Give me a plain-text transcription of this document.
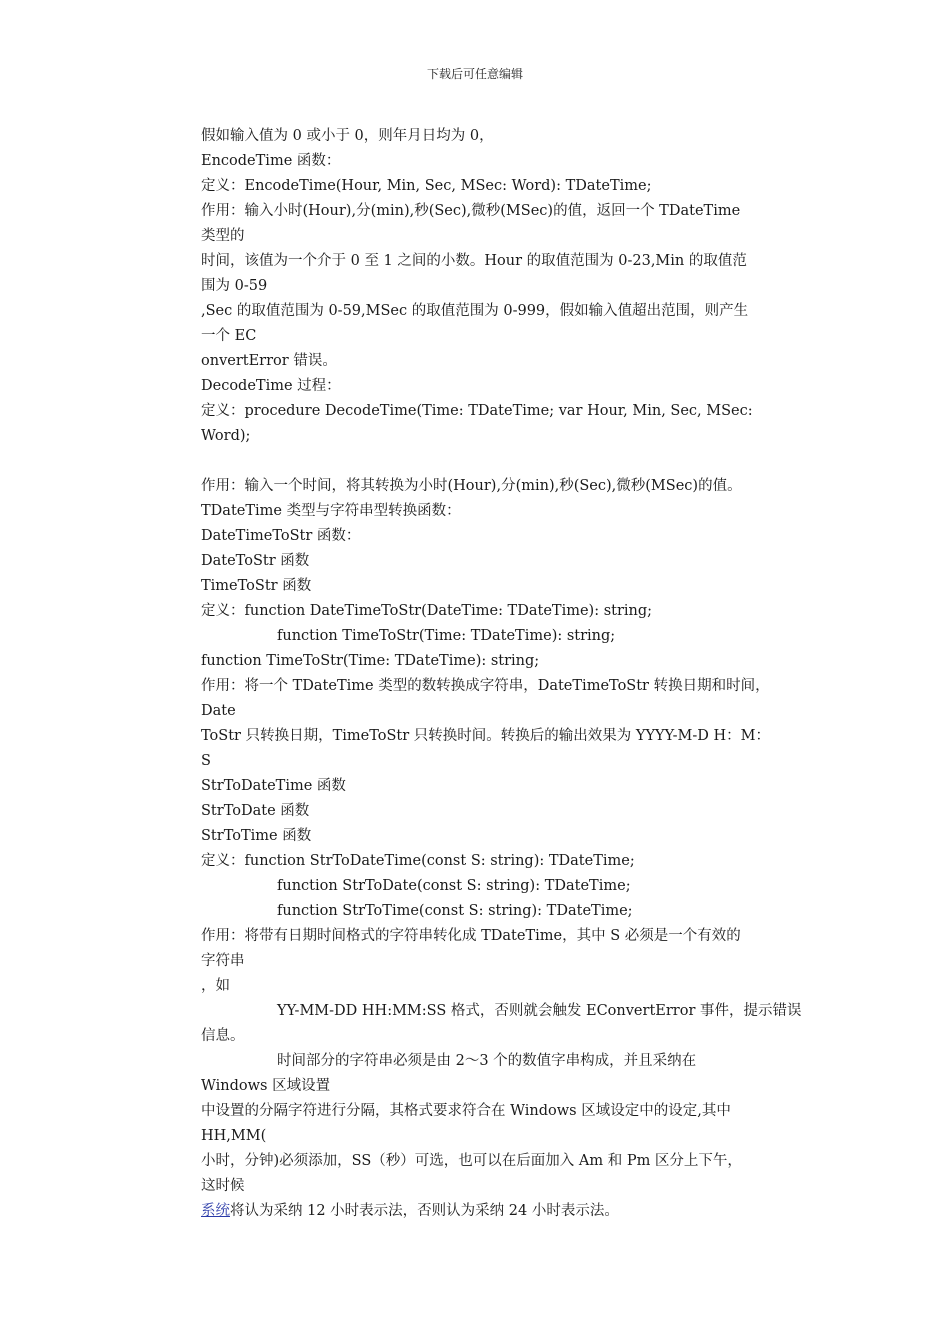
下载后可任意编辑
假如输入值为 0 或小于 0，则年月日均为 0，
EncodeTime 函数：
定义：EncodeTime(Hour, Min, Sec, MSec: Word): TDateTime;
作用：输入小时(Hour),分(min),秒(Sec),微秒(MSec)的值，返回一个 TDateTime
类型的
时间，该值为一个介于 0 至 1 之间的小数。Hour 的取值范围为 0-23,Min 的取值范
围为 0-59
,Sec 的取值范围为 0-59,MSec 的取值范围为 0-999，假如输入值超出范围，则产生
一个 EC
onvertError 错误。
DecodeTime 过程：
定义：procedure DecodeTime(Time: TDateTime; var Hour, Min, Sec, MSec:
Word);
作用：输入一个时间，将其转换为小时(Hour),分(min),秒(Sec),微秒(MSec)的值。
TDateTime 类型与字符串型转换函数：
DateTimeToStr 函数：
DateToStr 函数
TimeToStr 函数
定义：function DateTimeToStr(DateTime: TDateTime): string;
function TimeToStr(Time: TDateTime): string;
function TimeToStr(Time: TDateTime): string;
作用：将一个 TDateTime 类型的数转换成字符串，DateTimeToStr 转换日期和时间，
Date
ToStr 只转换日期，TimeToStr 只转换时间。转换后的输出效果为 YYYY-M-D H：M：
S
StrToDateTime 函数
StrToDate 函数
StrToTime 函数
定义：function StrToDateTime(const S: string): TDateTime;
function StrToDate(const S: string): TDateTime;
function StrToTime(const S: string): TDateTime;
作用：将带有日期时间格式的字符串转化成 TDateTime，其中 S 必须是一个有效的
字符串
，如
YY-MM-DD HH:MM:SS 格式，否则就会触发 EConvertError 事件，提示错误
信息。
时间部分的字符串必须是由 2～3 个的数值字串构成，并且采纳在
Windows 区域设置
中设置的分隔字符进行分隔，其格式要求符合在 Windows 区域设定中的设定,其中
HH,MM(
小时，分钟)必须添加，SS（秒）可选，也可以在后面加入 Am 和 Pm 区分上下午，
这时候
系统将认为采纳 12 小时表示法，否则认为采纳 24 小时表示法。
